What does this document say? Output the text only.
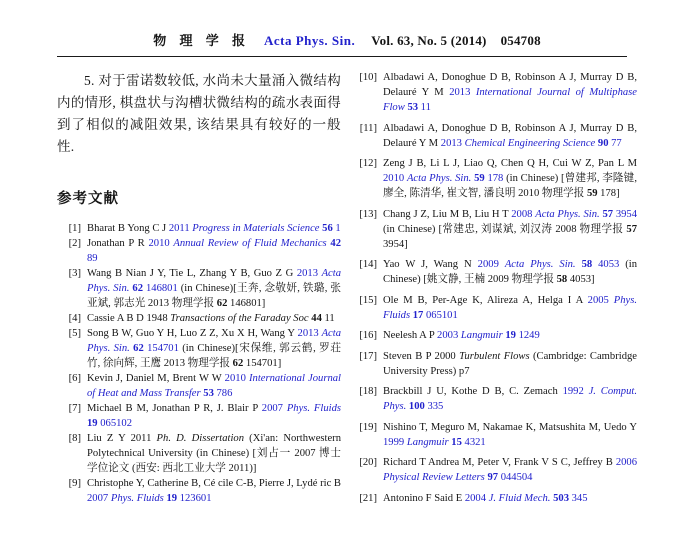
物 理 学 报 Acta Phys. Sin. Vol. 63, No. 5 (2014) 054708

5. 对于雷诺数较低, 水尚未大量涌入微结构内的情形, 棋盘状与沟槽状微结构的疏水表面得到了相似的减阻效果, 该结果具有较好的一般性.

参考文献
[1] Bharat B Yong C J 2011 Progress in Materials Science 56 1
[2] Jonathan P R 2010 Annual Review of Fluid Mechanics 42 89
[3] Wang B Nian J Y, Tie L, Zhang Y B, Guo Z G 2013 Acta Phys. Sin. 62 146801 (in Chinese)[王奔, 念敬妍, 铁璐, 张亚斌, 郭志光 2013 物理学报 62 146801]
[4] Cassie A B D 1948 Transactions of the Faraday Soc 44 11
[5] Song B W, Guo Y H, Luo Z Z, Xu X H, Wang Y 2013 Acta Phys. Sin. 62 154701 (in Chinese)[宋保维, 郭云鹤, 罗荘竹, 徐向辉, 王鹰 2013 物理学报 62 154701]
[6] Kevin J, Daniel M, Brent W W 2010 International Journal of Heat and Mass Transfer 53 786
[7] Michael B M, Jonathan P R, J. Blair P 2007 Phys. Fluids 19 065102
[8] Liu Z Y 2011 Ph. D. Dissertation (Xi'an: Northwestern Polytechnical University (in Chinese) [刘占一 2007 博士学位论文 (西安: 西北工业大学 2011)]
[9] Christophe Y, Catherine B, Cé cile C-B, Pierre J, Lydé ric B 2007 Phys. Fluids 19 123601
[10] Albadawi A, Donoghue D B, Robinson A J, Murray D B, Delauré Y M 2013 International Journal of Multiphase Flow 53 11
[11] Albadawi A, Donoghue D B, Robinson A J, Murray D B, Delauré Y M 2013 Chemical Engineering Science 90 77
[12] Zeng J B, Li L J, Liao Q, Chen Q H, Cui W Z, Pan L M 2010 Acta Phys. Sin. 59 178 (in Chinese) [曾建邦, 李隆键, 廖全, 陈清华, 崔文智, 潘良明 2010 物理学报 59 178]
[13] Chang J Z, Liu M B, Liu H T 2008 Acta Phys. Sin. 57 3954 (in Chinese) [常建忠, 刘谋斌, 刘汉涛 2008 物理学报 57 3954]
[14] Yao W J, Wang N 2009 Acta Phys. Sin. 58 4053 (in Chinese) [姚文静, 王楠 2009 物理学报 58 4053]
[15] Ole M B, Per-Age K, Alireza A, Helga I A 2005 Phys. Fluids 17 065101
[16] Neelesh A P 2003 Langmuir 19 1249
[17] Steven B P 2000 Turbulent Flows (Cambridge: Cambridge University Press) p7
[18] Brackbill J U, Kothe D B, C. Zemach 1992 J. Comput. Phys. 100 335
[19] Nishino T, Meguro M, Nakamae K, Matsushita M, Uedo Y 1999 Langmuir 15 4321
[20] Richard T Andrea M, Peter V, Frank V S C, Jeffrey B 2006 Physical Review Letters 97 044504
[21] Antonino F Said E 2004 J. Fluid Mech. 503 345
